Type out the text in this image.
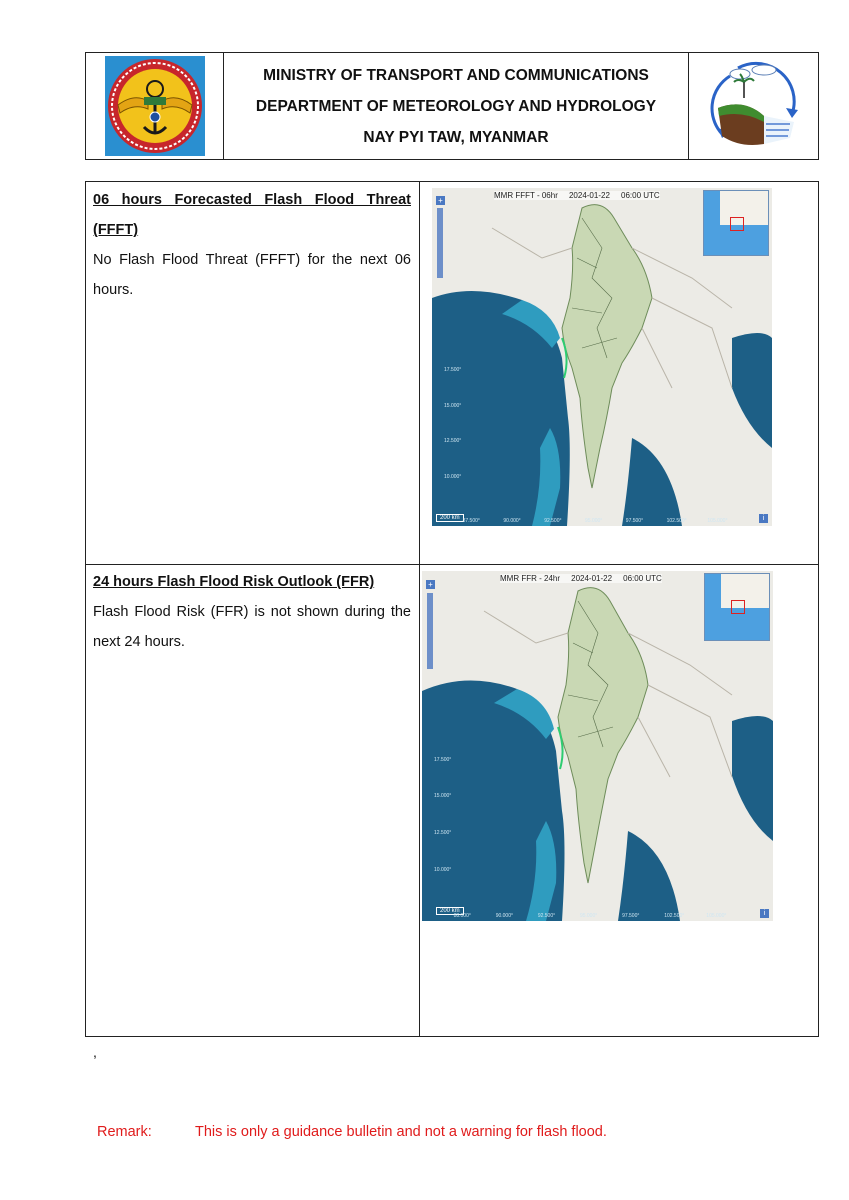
MINISTRY OF TRANSPORT AND COMMUNICATIONS
DEPARTMENT OF METEOROLOGY AND HYDROLOGY
NAY PYI TAW, MYANMAR
06 hours Forecasted Flash Flood Threat (FFFT)
No Flash Flood Threat (FFFT) for the next 06 hours.
MMR FFFT - 06hr     2024-01-22     06:00 UTC
+
200 km	i
17.500°
15.000°
12.500°
10.000°
87.500°	90.000°	92.500°	95.000°	97.500°	102.500°	105.000°
24 hours Flash Flood Risk Outlook (FFR)
Flash Flood Risk (FFR) is not shown during the next 24 hours.
MMR FFR - 24hr     2024-01-22     06:00 UTC
+
200 km	i
17.500°
15.000°
12.500°
10.000°
88.000°	90.000°	92.500°	95.000°	97.500°	102.500°	105.000°
,
Remark:	This is only a guidance bulletin and not a warning for flash flood.
